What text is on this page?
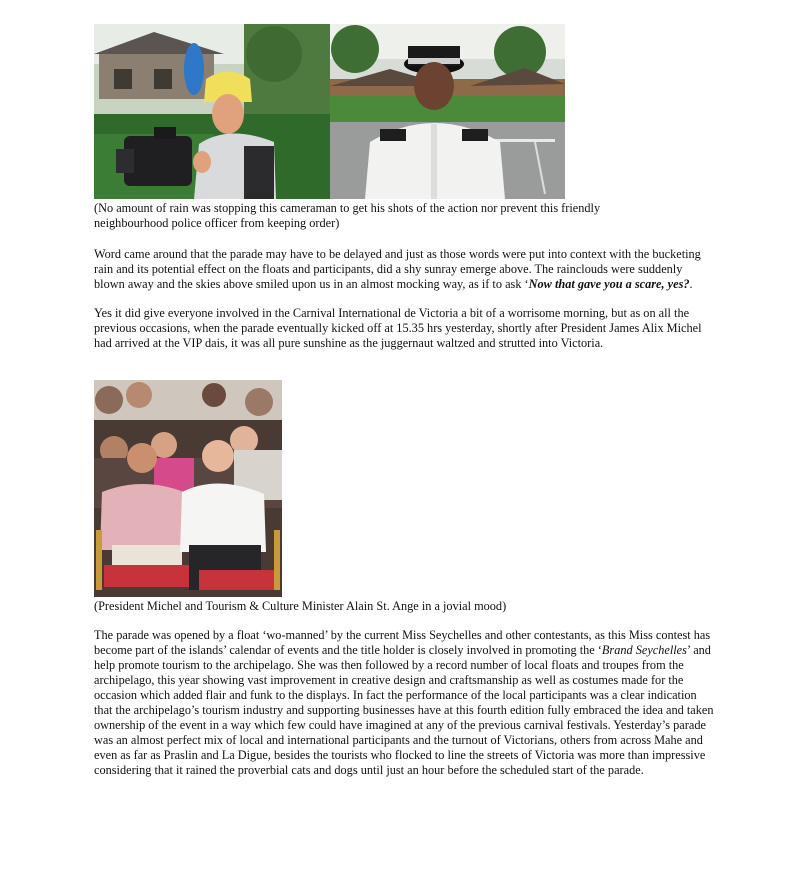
(No amount of rain was stopping this cameraman to get his shots of the action nor prevent this friendly neighbourhood police officer from keeping order)

Word came around that the parade may have to be delayed and just as those words were put into context with the bucketing rain and its potential effect on the floats and participants, did a shy sunray emerge above. The rainclouds were suddenly blown away and the skies above smiled upon us in an almost mocking way, as if to ask ‘Now that gave you a scare, yes?.

Yes it did give everyone involved in the Carnival International de Victoria a bit of a worrisome morning, but as on all the previous occasions, when the parade eventually kicked off at 15.35 hrs yesterday, shortly after President James Alix Michel had arrived at the VIP dais, it was all pure sunshine as the juggernaut waltzed and strutted into Victoria.

(President Michel and Tourism & Culture Minister Alain St. Ange in a jovial mood)

The parade was opened by a float ‘wo-manned’ by the current Miss Seychelles and other contestants, as this Miss contest has become part of the islands’ calendar of events and the title holder is closely involved in promoting the ‘Brand Seychelles’ and help promote tourism to the archipelago. She was then followed by a record number of local floats and troupes from the archipelago, this year showing vast improvement in creative design and craftsmanship as well as costumes made for the occasion which added flair and funk to the displays. In fact the performance of the local participants was a clear indication that the archipelago’s tourism industry and supporting businesses have at this fourth edition fully embraced the idea and taken ownership of the event in a way which few could have imagined at any of the previous carnival festivals. Yesterday’s parade was an almost perfect mix of local and international participants and the turnout of Victorians, others from across Mahe and even as far as Praslin and La Digue, besides the tourists who flocked to line the streets of Victoria was more than impressive considering that it rained the proverbial cats and dogs until just an hour before the scheduled start of the parade.
